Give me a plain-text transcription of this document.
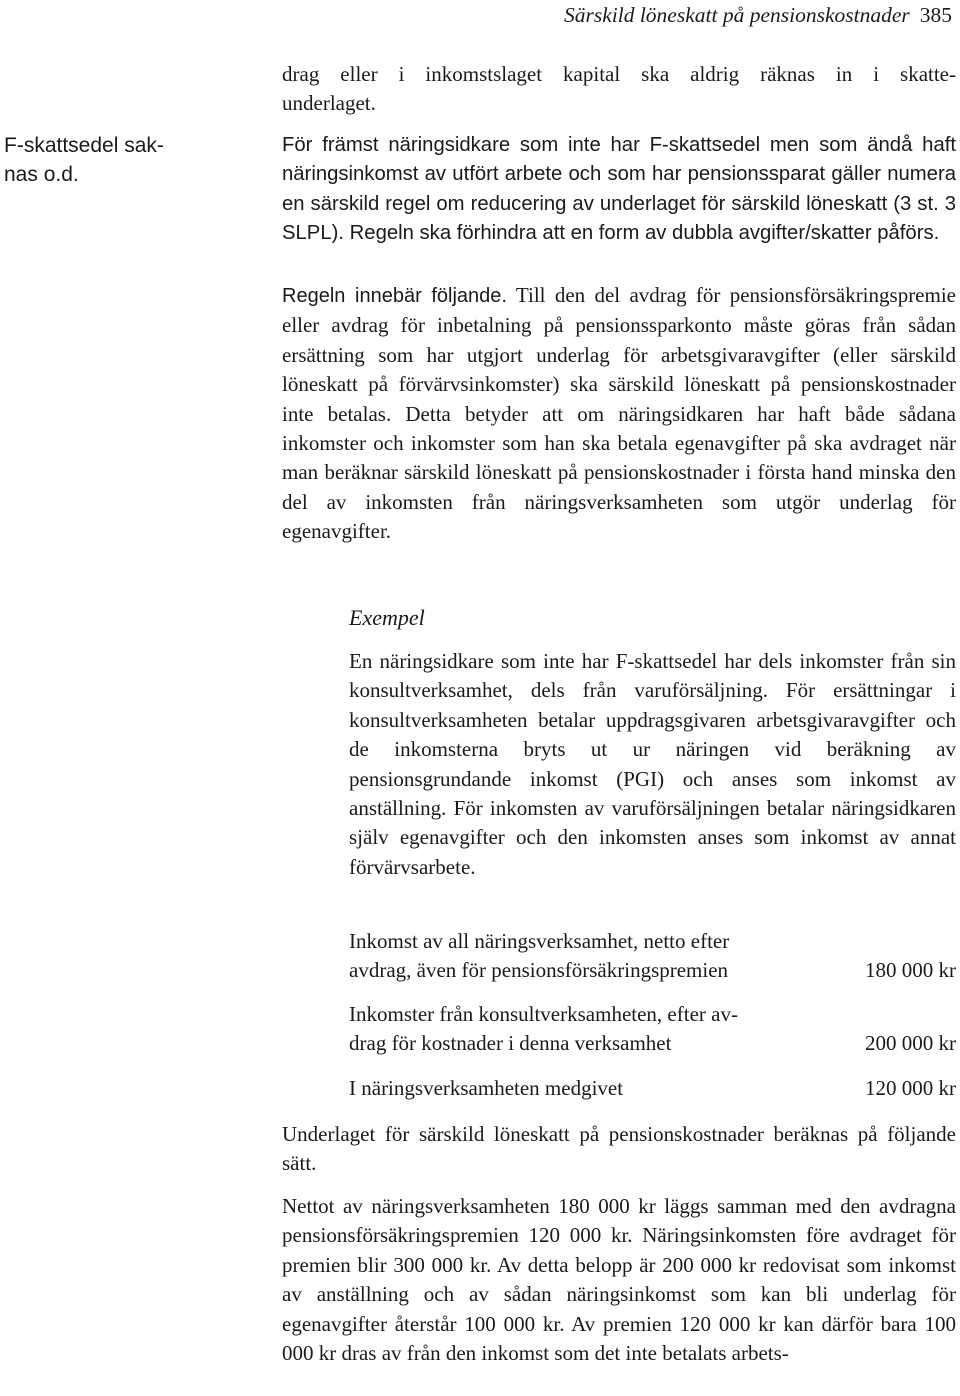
Särskild löneskatt på pensionskostnader 385
F-skattsedel sak-
nas o.d.
drag eller i inkomstslaget kapital ska aldrig räknas in i skatte-
underlaget.

För främst näringsidkare som inte har F-skattsedel men som ändå haft näringsinkomst av utfört arbete och som har pensionssparat gäller numera en särskild regel om reducering av underlaget för särskild löneskatt (3 st. 3 SLPL). Regeln ska förhindra att en form av dubbla avgifter/skatter påförs.

Regeln innebär följande. Till den del avdrag för pensionsförsäkringspremie eller avdrag för inbetalning på pensionssparkonto måste göras från sådan ersättning som har utgjort underlag för arbetsgivaravgifter (eller särskild löneskatt på förvärvsinkomster) ska särskild löneskatt på pensionskostnader inte betalas. Detta betyder att om näringsidkaren har haft både sådana inkomster och inkomster som han ska betala egenavgifter på ska avdraget när man beräknar särskild löneskatt på pensionskostnader i första hand minska den del av inkomsten från näringsverksamheten som utgör underlag för egenavgifter.

Exempel

En näringsidkare som inte har F-skattsedel har dels inkomster från sin konsultverksamhet, dels från varuförsäljning. För ersättningar i konsultverksamheten betalar uppdragsgivaren arbetsgivaravgifter och de inkomsterna bryts ut ur näringen vid beräkning av pensionsgrundande inkomst (PGI) och anses som inkomst av anställning. För inkomsten av varuförsäljningen betalar näringsidkaren själv egenavgifter och den inkomsten anses som inkomst av annat förvärvsarbete.

Inkomst av all näringsverksamhet, netto efter
avdrag, även för pensionsförsäkringspremien	180 000 kr
Inkomster från konsultverksamheten, efter av-
drag för kostnader i denna verksamhet	200 000 kr
I näringsverksamheten medgivet	120 000 kr

Underlaget för särskild löneskatt på pensionskostnader beräknas på följande sätt.

Nettot av näringsverksamheten 180 000 kr läggs samman med den avdragna pensionsförsäkringspremien 120 000 kr. Näringsinkomsten före avdraget för premien blir 300 000 kr. Av detta belopp är 200 000 kr redovisat som inkomst av anställning och av sådan näringsinkomst som kan bli underlag för egenavgifter återstår 100 000 kr. Av premien 120 000 kr kan därför bara 100 000 kr dras av från den inkomst som det inte betalats arbets-
